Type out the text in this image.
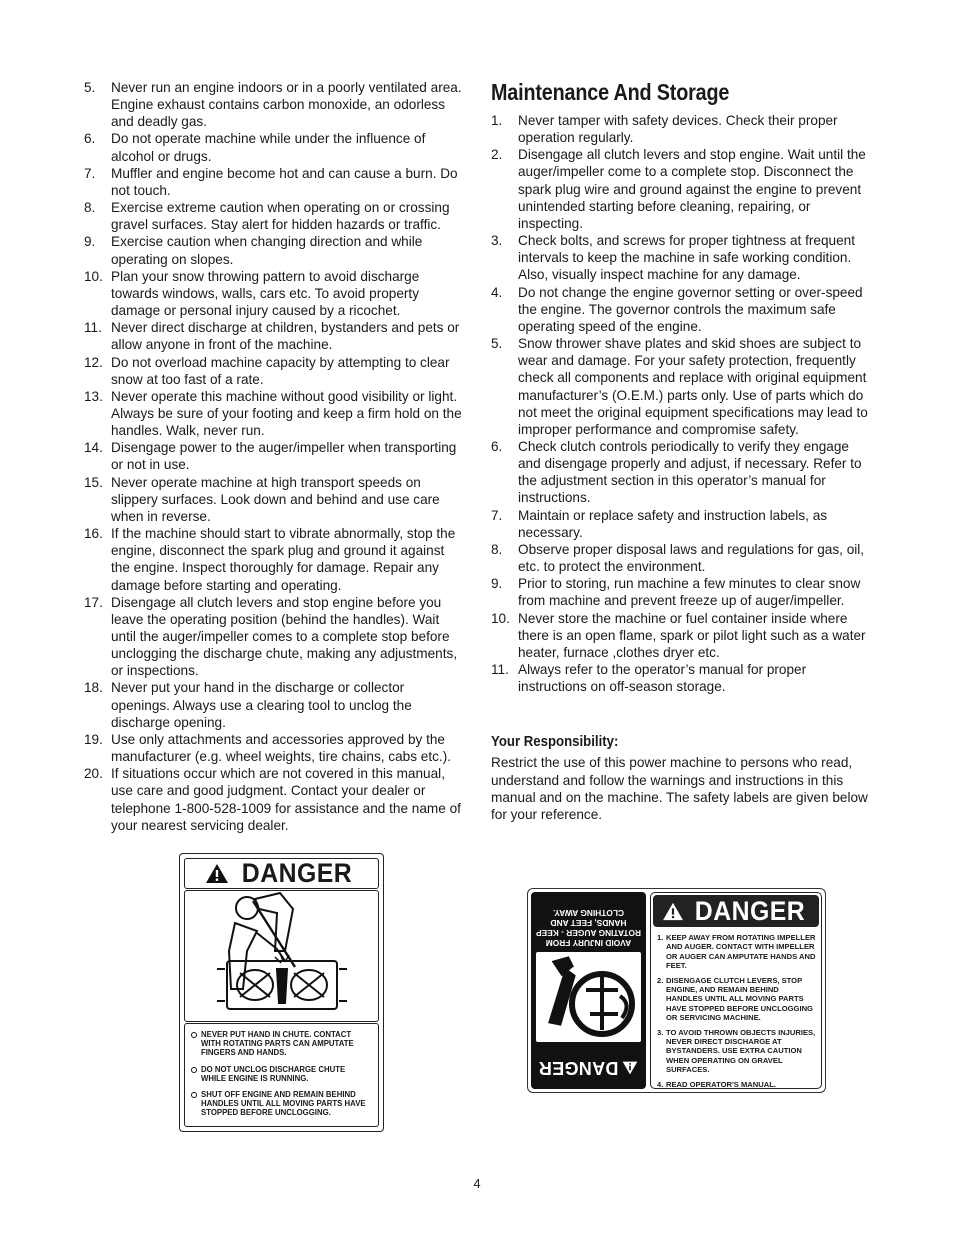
5. Never run an engine indoors or in a poorly ventilated area. Engine exhaust contains carbon monoxide, an odorless and deadly gas.
6. Do not operate machine while under the influence of alcohol or drugs.
7. Muffler and engine become hot and can cause a burn. Do not touch.
8. Exercise extreme caution when operating on or crossing gravel surfaces. Stay alert for hidden hazards or traffic.
9. Exercise caution when changing direction and while operating on slopes.
10. Plan your snow throwing pattern to avoid discharge towards windows, walls, cars etc. To avoid property damage or personal injury caused by a ricochet.
11. Never direct discharge at children, bystanders and pets or allow anyone in front of the machine.
12. Do not overload machine capacity by attempting to clear snow at too fast of a rate.
13. Never operate this machine without good visibility or light. Always be sure of your footing and keep a firm hold on the handles. Walk, never run.
14. Disengage power to the auger/impeller when transporting or not in use.
15. Never operate machine at high transport speeds on slippery surfaces. Look down and behind and use care when in reverse.
16. If the machine should start to vibrate abnormally, stop the engine, disconnect the spark plug and ground it against the engine. Inspect thoroughly for damage. Repair any damage before starting and operating.
17. Disengage all clutch levers and stop engine before you leave the operating position (behind the handles). Wait until the auger/impeller comes to a complete stop before unclogging the discharge chute, making any adjustments, or inspections.
18. Never put your hand in the discharge or collector openings. Always use a clearing tool to unclog the discharge opening.
19. Use only attachments and accessories approved by the manufacturer (e.g. wheel weights, tire chains, cabs etc.).
20. If situations occur which are not covered in this manual, use care and good judgment. Contact your dealer or telephone 1-800-528-1009 for assistance and the name of your nearest servicing dealer.
Maintenance And Storage
1. Never tamper with safety devices. Check their proper operation regularly.
2. Disengage all clutch levers and stop engine. Wait until the auger/impeller come to a complete stop. Disconnect the spark plug wire and ground against the engine to prevent unintended starting before cleaning, repairing, or inspecting.
3. Check bolts, and screws for proper tightness at frequent intervals to keep the machine in safe working condition. Also, visually inspect machine for any damage.
4. Do not change the engine governor setting or over-speed the engine. The governor controls the maximum safe operating speed of the engine.
5. Snow thrower shave plates and skid shoes are subject to wear and damage. For your safety protection, frequently check all components and replace with original equipment manufacturer’s (O.E.M.) parts only. Use of parts which do not meet the original equipment specifications may lead to improper performance and compromise safety.
6. Check clutch controls periodically to verify they engage and disengage properly and adjust, if necessary. Refer to the adjustment section in this operator’s manual for instructions.
7. Maintain or replace safety and instruction labels, as necessary.
8. Observe proper disposal laws and regulations for gas, oil, etc. to protect the environment.
9. Prior to storing, run machine a few minutes to clear snow from machine and prevent freeze up of auger/impeller.
10. Never store the machine or fuel container inside where there is an open flame, spark or pilot light such as a water heater, furnace ,clothes dryer etc.
11. Always refer to the operator’s manual for proper instructions on off-season storage.
Your Responsibility:

Restrict the use of this power machine to persons who read, understand and follow the warnings and instructions in this manual and on the machine. The safety labels are given below for your reference.

DANGER
NEVER PUT HAND IN CHUTE. CONTACT WITH ROTATING PARTS CAN AMPUTATE FINGERS AND HANDS.
DO NOT UNCLOG DISCHARGE CHUTE WHILE ENGINE IS RUNNING.
SHUT OFF ENGINE AND REMAIN BEHIND HANDLES UNTIL ALL MOVING PARTS HAVE STOPPED BEFORE UNCLOGGING.
AVOID INJURY FROM ROTATING AUGER - KEEP HANDS, FEET AND CLOTHING AWAY.
DANGER
DANGER
1. KEEP AWAY FROM ROTATING IMPELLER AND AUGER. CONTACT WITH IMPELLER OR AUGER CAN AMPUTATE HANDS AND FEET.
2. DISENGAGE CLUTCH LEVERS, STOP ENGINE, AND REMAIN BEHIND HANDLES UNTIL ALL MOVING PARTS HAVE STOPPED BEFORE UNCLOGGING OR SERVICING MACHINE.
3. TO AVOID THROWN OBJECTS INJURIES, NEVER DIRECT DISCHARGE AT BYSTANDERS. USE EXTRA CAUTION WHEN OPERATING ON GRAVEL SURFACES.
4. READ OPERATOR'S MANUAL.
4
